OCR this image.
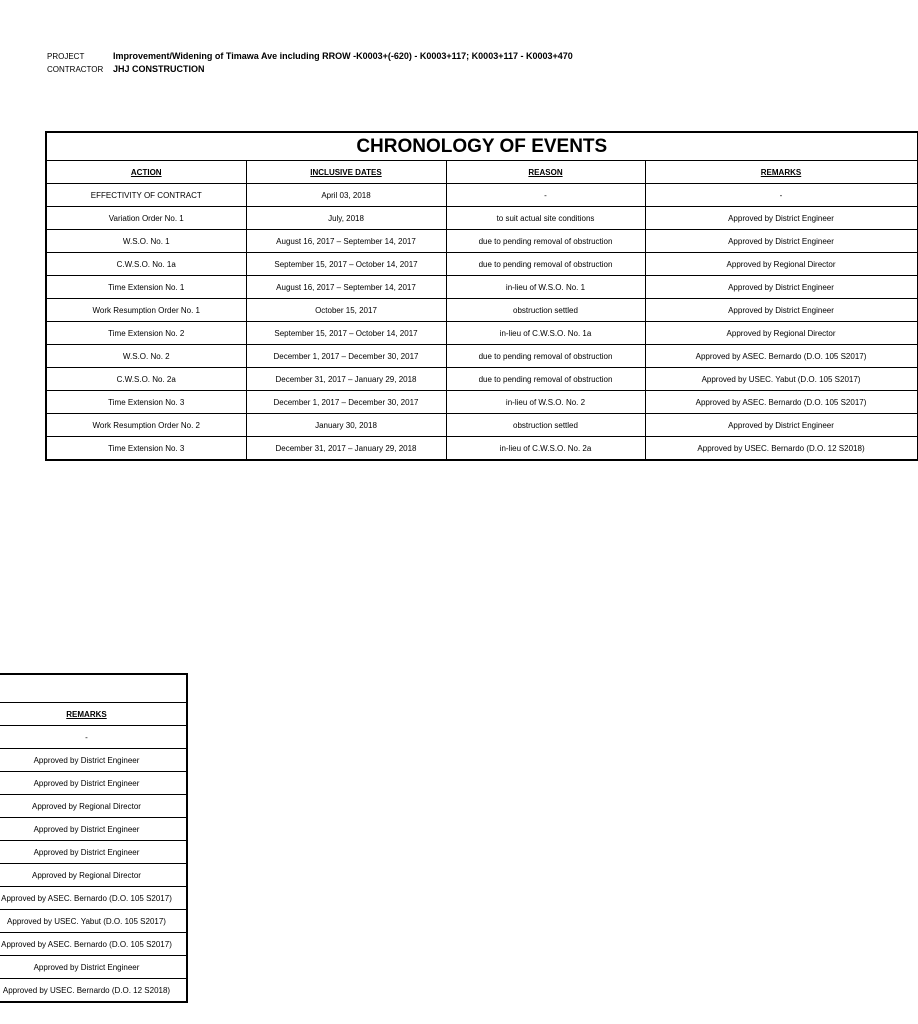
PROJECT	Improvement/Widening of Timawa Ave including RROW -K0003+(-620) - K0003+117; K0003+117 - K0003+470
CONTRACTOR JHJ CONSTRUCTION
CHRONOLOGY OF EVENTS			
ACTION	INCLUSIVE DATES	REASON	REMARKS
EFFECTIVITY OF CONTRACT	April 03, 2018	-	-
Variation Order No. 1	July, 2018	to suit actual site conditions	Approved by District Engineer
W.S.O. No. 1	August 16, 2017 – September 14, 2017	due to pending removal of obstruction	Approved by District Engineer
C.W.S.O. No. 1a	September 15, 2017 – October 14, 2017	due to pending removal of obstruction	Approved by Regional Director
Time Extension No. 1	August 16, 2017 – September 14, 2017	in-lieu of W.S.O. No. 1	Approved by District Engineer
Work Resumption Order No. 1	October 15, 2017	obstruction settled	Approved by District Engineer
Time Extension No. 2	September 15, 2017 – October 14, 2017	in-lieu of C.W.S.O. No. 1a	Approved by Regional Director
W.S.O. No. 2	December 1, 2017 – December 30, 2017	due to pending removal of obstruction	Approved by ASEC. Bernardo (D.O. 105 S2017)
C.W.S.O. No. 2a	December 31, 2017 – January 29, 2018	due to pending removal of obstruction	Approved by USEC. Yabut (D.O. 105 S2017)
Time Extension No. 3	December 1, 2017 – December 30, 2017	in-lieu of W.S.O. No. 2	Approved by ASEC. Bernardo (D.O. 105 S2017)
Work Resumption Order No. 2	January 30, 2018	obstruction settled	Approved by District Engineer
Time Extension No. 3	December 31, 2017 – January 29, 2018	in-lieu of C.W.S.O. No. 2a	Approved by USEC. Bernardo (D.O. 12 S2018)

REMARKS
-
Approved by District Engineer
Approved by District Engineer
Approved by Regional Director
Approved by District Engineer
Approved by District Engineer
Approved by Regional Director
Approved by ASEC. Bernardo (D.O. 105 S2017)
Approved by USEC. Yabut (D.O. 105 S2017)
Approved by ASEC. Bernardo (D.O. 105 S2017)
Approved by District Engineer
Approved by USEC. Bernardo (D.O. 12 S2018)
